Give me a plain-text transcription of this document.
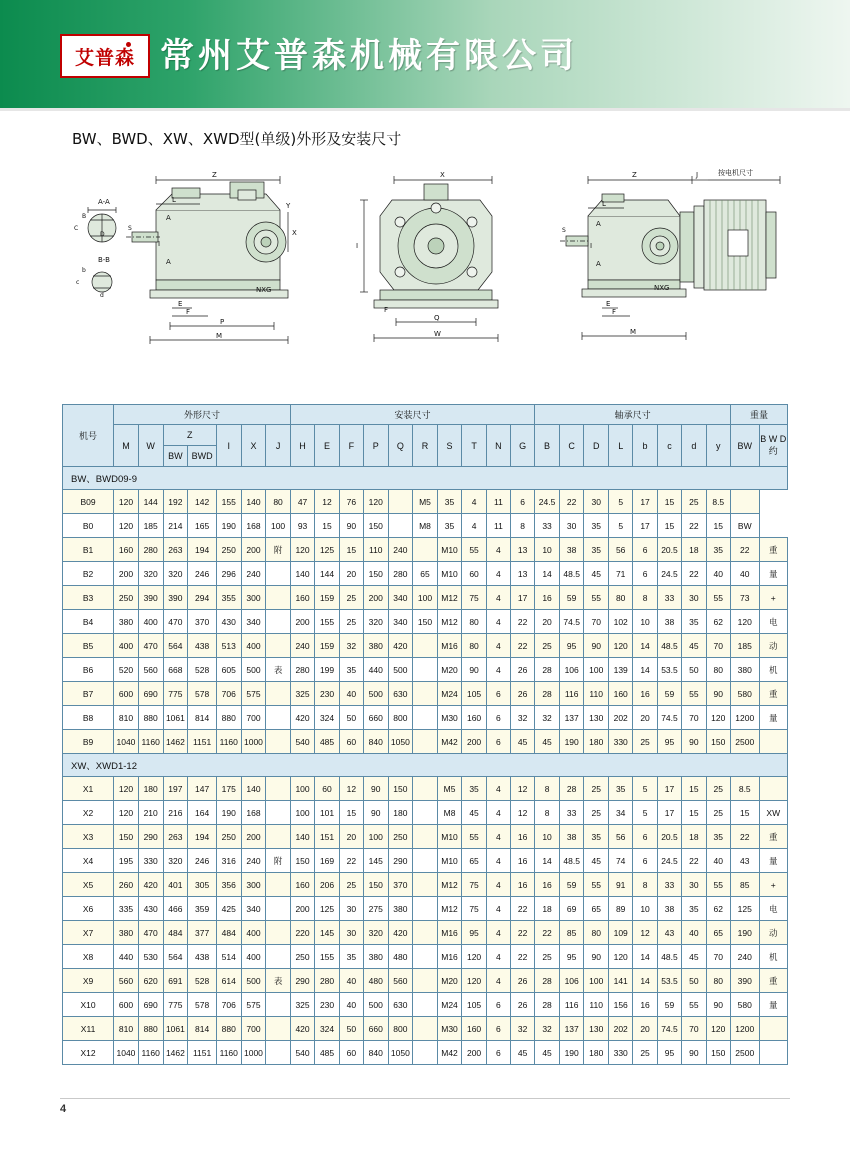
艾普森 常州艾普森机械有限公司
BW、BWD、XW、XWD型(单级)外形及安装尺寸
A-A
B
C
D
B-B
b
c
d
S
Z
L
Y
X
A
I
A
E
F
P
M
NXG
X
I
F
Q
W
S
Z	J	按电机尺寸
L
A
I
A
E
F
M
NXG
机号	外形尺寸							安装尺寸										轴承尺寸								重量	
	M	W	Z		I	X	J	H	E	F	P	Q	R	S	T	N	G	B	C	D	L	b	c	d	y	BW	B W D 约
			BW	BWD																							
BW、BWD09-9																											
B09	120	144	192	142	155	140	80	47	12	76	120		M5	35	4	11	6	24.5	22	30	5	17	15	25	8.5		
B0	120	185	214	165	190	168	100	93	15	90	150		M8	35	4	11	8	33	30	35	5	17	15	22	15	BW	
B1	160	280	263	194	250	200	附	120	125	15	110	240		M10	55	4	13	10	38	35	56	6	20.5	18	35	22	重
B2	200	320	320	246	296	240		140	144	20	150	280	65	M10	60	4	13	14	48.5	45	71	6	24.5	22	40	40	量
B3	250	390	390	294	355	300		160	159	25	200	340	100	M12	75	4	17	16	59	55	80	8	33	30	55	73	+
B4	380	400	470	370	430	340		200	155	25	320	340	150	M12	80	4	22	20	74.5	70	102	10	38	35	62	120	电
B5	400	470	564	438	513	400		240	159	32	380	420		M16	80	4	22	25	95	90	120	14	48.5	45	70	185	动
B6	520	560	668	528	605	500	表	280	199	35	440	500		M20	90	4	26	28	106	100	139	14	53.5	50	80	380	机
B7	600	690	775	578	706	575		325	230	40	500	630		M24	105	6	26	28	116	110	160	16	59	55	90	580	重
B8	810	880	1061	814	880	700		420	324	50	660	800		M30	160	6	32	32	137	130	202	20	74.5	70	120	1200	量
B9	1040	1160	1462	1151	1160	1000		540	485	60	840	1050		M42	200	6	45	45	190	180	330	25	95	90	150	2500	
XW、XWD1-12																											
X1	120	180	197	147	175	140		100	60	12	90	150		M5	35	4	12	8	28	25	35	5	17	15	25	8.5	
X2	120	210	216	164	190	168		100	101	15	90	180		M8	45	4	12	8	33	25	34	5	17	15	25	15	XW
X3	150	290	263	194	250	200		140	151	20	100	250		M10	55	4	16	10	38	35	56	6	20.5	18	35	22	重
X4	195	330	320	246	316	240	附	150	169	22	145	290		M10	65	4	16	14	48.5	45	74	6	24.5	22	40	43	量
X5	260	420	401	305	356	300		160	206	25	150	370		M12	75	4	16	16	59	55	91	8	33	30	55	85	+
X6	335	430	466	359	425	340		200	125	30	275	380		M12	75	4	22	18	69	65	89	10	38	35	62	125	电
X7	380	470	484	377	484	400		220	145	30	320	420		M16	95	4	22	22	85	80	109	12	43	40	65	190	动
X8	440	530	564	438	514	400		250	155	35	380	480		M16	120	4	22	25	95	90	120	14	48.5	45	70	240	机
X9	560	620	691	528	614	500	表	290	280	40	480	560		M20	120	4	26	28	106	100	141	14	53.5	50	80	390	重
X10	600	690	775	578	706	575		325	230	40	500	630		M24	105	6	26	28	116	110	156	16	59	55	90	580	量
X11	810	880	1061	814	880	700		420	324	50	660	800		M30	160	6	32	32	137	130	202	20	74.5	70	120	1200	
X12	1040	1160	1462	1151	1160	1000		540	485	60	840	1050		M42	200	6	45	45	190	180	330	25	95	90	150	2500	
4
